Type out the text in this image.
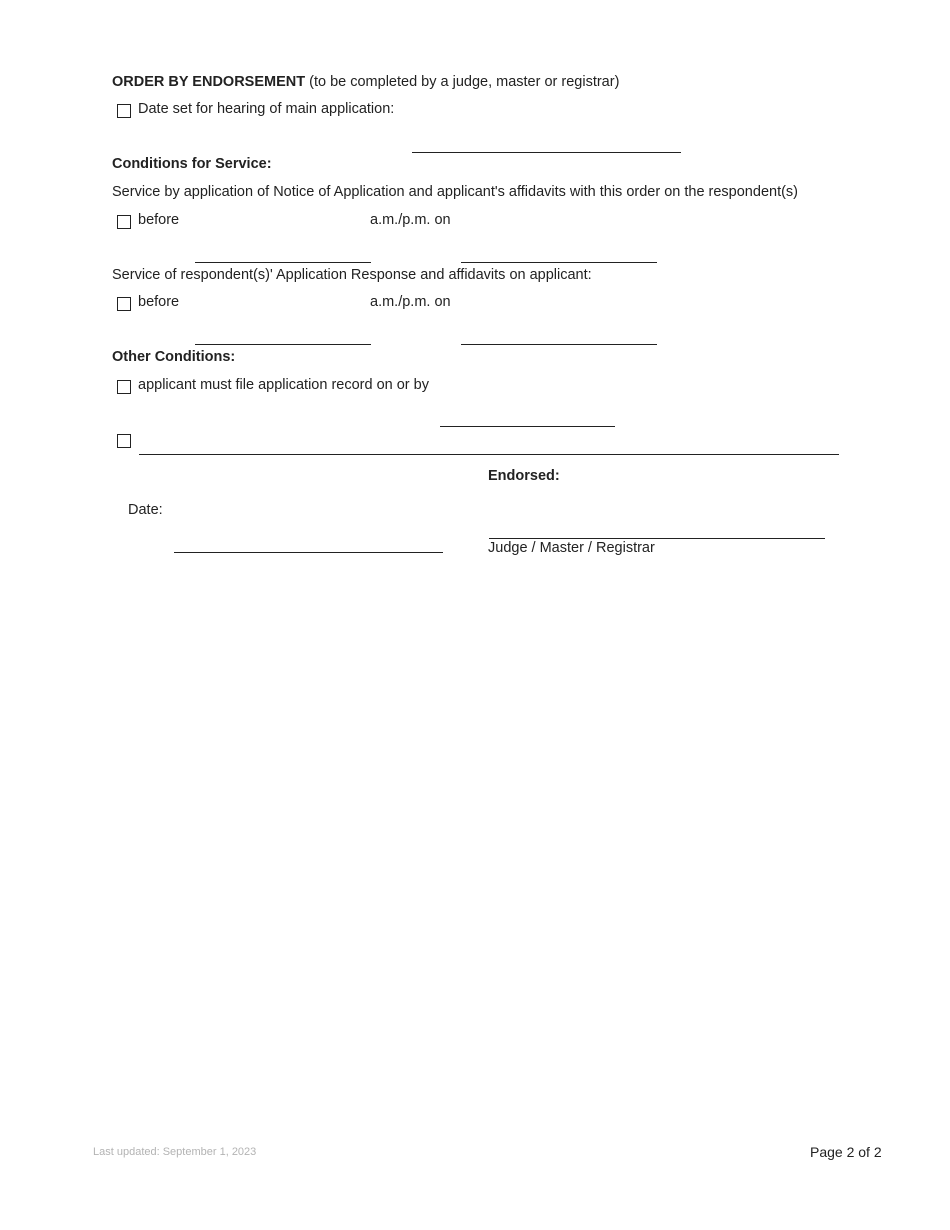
ORDER BY ENDORSEMENT (to be completed by a judge, master or registrar)
Date set for hearing of main application:
Conditions for Service:
Service by application of Notice of Application and applicant's affidavits with this order on the respondent(s)
before	a.m./p.m. on
Service of respondent(s)' Application Response and affidavits on applicant:
before	a.m./p.m. on
Other Conditions:
applicant must file application record on or by
Endorsed:
Date:
Judge / Master / Registrar
Last updated: September 1, 2023	Page 2 of 2
